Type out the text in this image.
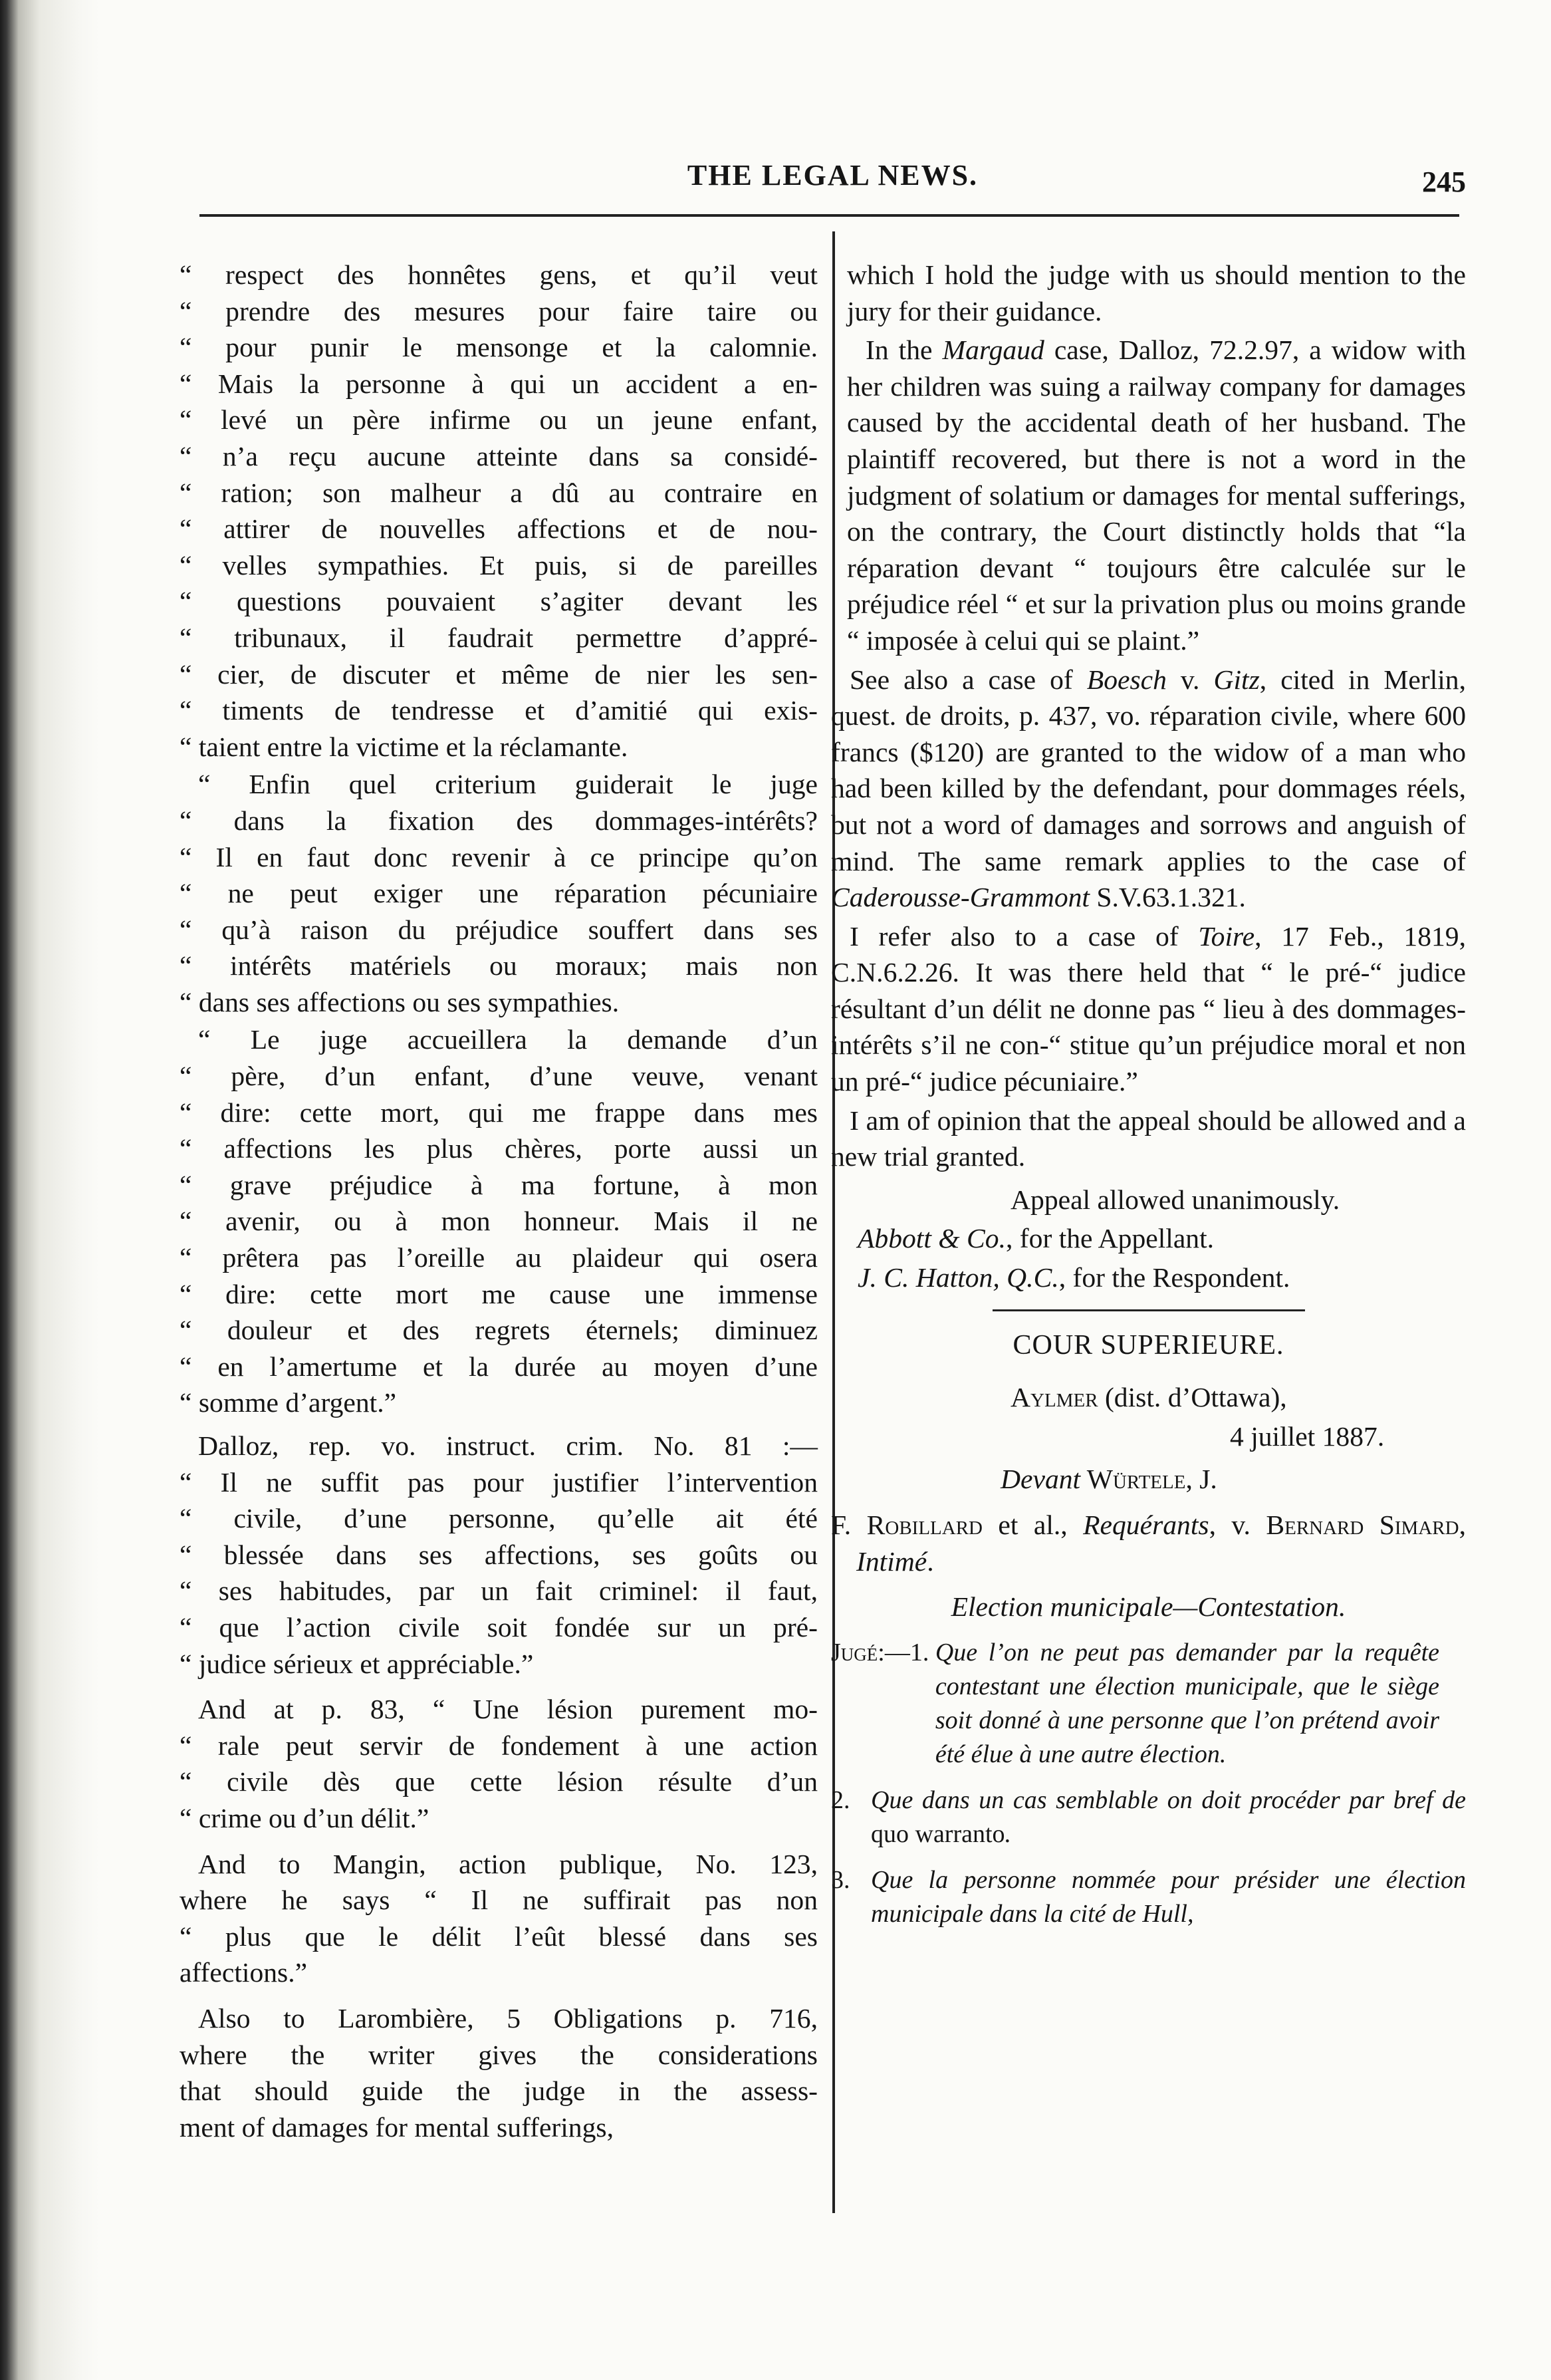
THE LEGAL NEWS.	245
“ respect des honnêtes gens, et qu’il veut
“ prendre des mesures pour faire taire ou
“ pour punir le mensonge et la calomnie.
“ Mais la personne à qui un accident a en-
“ levé un père infirme ou un jeune enfant,
“ n’a reçu aucune atteinte dans sa considé-
“ ration; son malheur a dû au contraire en
“ attirer de nouvelles affections et de nou-
“ velles sympathies. Et puis, si de pareilles
“ questions pouvaient s’agiter devant les
“ tribunaux, il faudrait permettre d’appré-
“ cier, de discuter et même de nier les sen-
“ timents de tendresse et d’amitié qui exis-
“ taient entre la victime et la réclamante.
“ Enfin quel criterium guiderait le juge
“ dans la fixation des dommages-intérêts?
“ Il en faut donc revenir à ce principe qu’on
“ ne peut exiger une réparation pécuniaire
“ qu’à raison du préjudice souffert dans ses
“ intérêts matériels ou moraux; mais non
“ dans ses affections ou ses sympathies.
“ Le juge accueillera la demande d’un
“ père, d’un enfant, d’une veuve, venant
“ dire: cette mort, qui me frappe dans mes
“ affections les plus chères, porte aussi un
“ grave préjudice à ma fortune, à mon
“ avenir, ou à mon honneur. Mais il ne
“ prêtera pas l’oreille au plaideur qui osera
“ dire: cette mort me cause une immense
“ douleur et des regrets éternels; diminuez
“ en l’amertume et la durée au moyen d’une
“ somme d’argent.”
Dalloz, rep. vo. instruct. crim. No. 81 :—
“ Il ne suffit pas pour justifier l’intervention
“ civile, d’une personne, qu’elle ait été
“ blessée dans ses affections, ses goûts ou
“ ses habitudes, par un fait criminel: il faut,
“ que l’action civile soit fondée sur un pré-
“ judice sérieux et appréciable.”
And at p. 83, “ Une lésion purement mo-
“ rale peut servir de fondement à une action
“ civile dès que cette lésion résulte d’un
“ crime ou d’un délit.”
And to Mangin, action publique, No. 123,
where he says “ Il ne suffirait pas non
“ plus que le délit l’eût blessé dans ses
affections.”
Also to Larombière, 5 Obligations p. 716,
where the writer gives the considerations
that should guide the judge in the assess-
ment of damages for mental sufferings,

which I hold the judge with us should mention to the jury for their guidance.

In the Margaud case, Dalloz, 72.2.97, a widow with her children was suing a railway company for damages caused by the accidental death of her husband. The plaintiff recovered, but there is not a word in the judgment of solatium or damages for mental sufferings, on the contrary, the Court distinctly holds that “la réparation devant “ toujours être calculée sur le préjudice réel “ et sur la privation plus ou moins grande “ imposée à celui qui se plaint.”

See also a case of Boesch v. Gitz, cited in Merlin, quest. de droits, p. 437, vo. réparation civile, where 600 francs ($120) are granted to the widow of a man who had been killed by the defendant, pour dommages réels, but not a word of damages and sorrows and anguish of mind. The same remark applies to the case of Caderousse-Grammont S.V.63.1.321.

I refer also to a case of Toire, 17 Feb., 1819, C.N.6.2.26. It was there held that “ le pré-“ judice résultant d’un délit ne donne pas “ lieu à des dommages-intérêts s’il ne con-“ stitue qu’un préjudice moral et non un pré-“ judice pécuniaire.”

I am of opinion that the appeal should be allowed and a new trial granted.

Appeal allowed unanimously.

Abbott & Co., for the Appellant.

J. C. Hatton, Q.C., for the Respondent.

COUR SUPERIEURE.

Aylmer (dist. d’Ottawa),

4 juillet 1887.

Devant Würtele, J.

F. Robillard et al., Requérants, v. Bernard Simard, Intimé.

Election municipale—Contestation.

Jugé:—1. Que l’on ne peut pas demander par la requête contestant une élection municipale, que le siège soit donné à une personne que l’on prétend avoir été élue à une autre élection.
2. Que dans un cas semblable on doit procéder par bref de quo warranto.
3. Que la personne nommée pour présider une élection municipale dans la cité de Hull,
